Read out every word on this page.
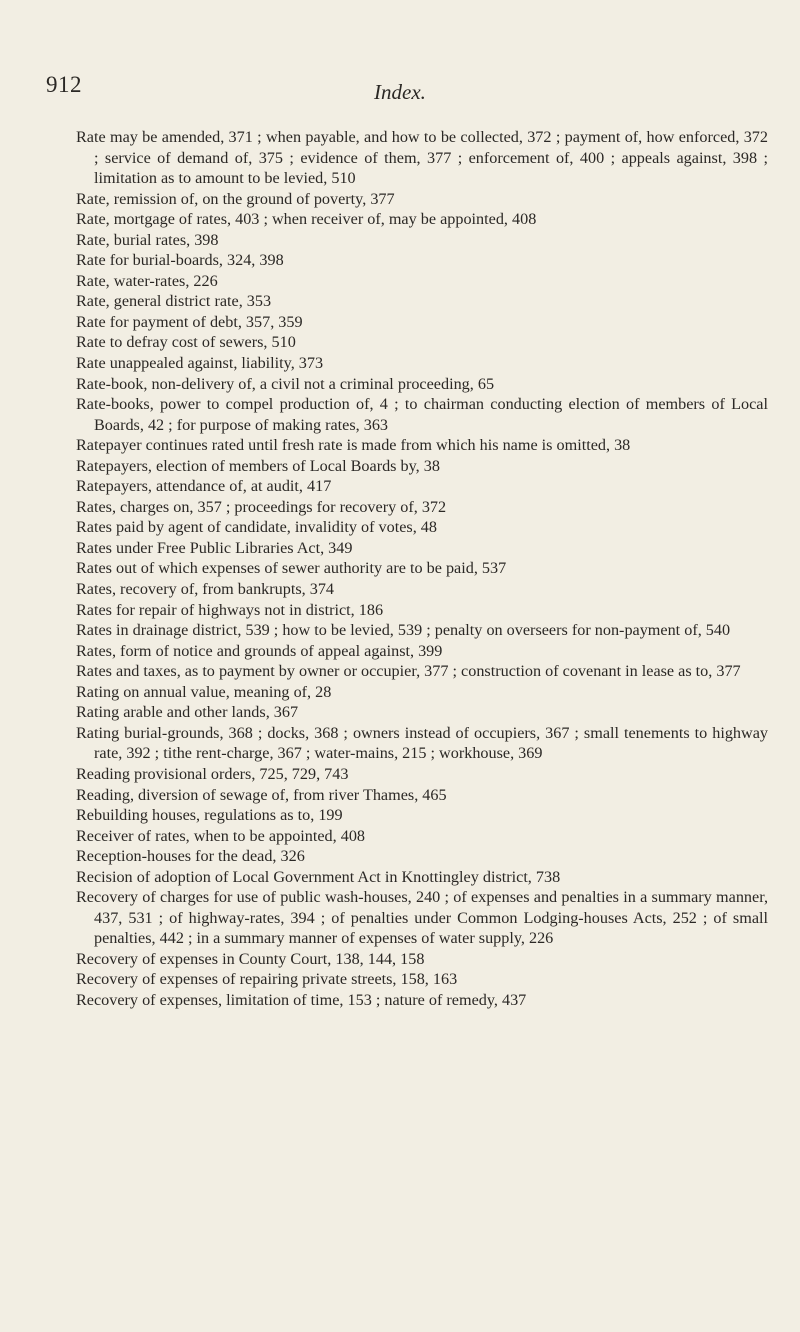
912	Index.
Rate may be amended, 371 ; when payable, and how to be collected, 372 ; payment of, how enforced, 372 ; service of demand of, 375 ; evidence of them, 377 ; enforcement of, 400 ; appeals against, 398 ; limitation as to amount to be levied, 510
Rate, remission of, on the ground of poverty, 377
Rate, mortgage of rates, 403 ; when receiver of, may be appointed, 408
Rate, burial rates, 398
Rate for burial-boards, 324, 398
Rate, water-rates, 226
Rate, general district rate, 353
Rate for payment of debt, 357, 359
Rate to defray cost of sewers, 510
Rate unappealed against, liability, 373
Rate-book, non-delivery of, a civil not a criminal proceeding, 65
Rate-books, power to compel production of, 4 ; to chairman conducting election of members of Local Boards, 42 ; for purpose of making rates, 363
Ratepayer continues rated until fresh rate is made from which his name is omitted, 38
Ratepayers, election of members of Local Boards by, 38
Ratepayers, attendance of, at audit, 417
Rates, charges on, 357 ; proceedings for recovery of, 372
Rates paid by agent of candidate, invalidity of votes, 48
Rates under Free Public Libraries Act, 349
Rates out of which expenses of sewer authority are to be paid, 537
Rates, recovery of, from bankrupts, 374
Rates for repair of highways not in district, 186
Rates in drainage district, 539 ; how to be levied, 539 ; penalty on overseers for non-payment of, 540
Rates, form of notice and grounds of appeal against, 399
Rates and taxes, as to payment by owner or occupier, 377 ; construction of covenant in lease as to, 377
Rating on annual value, meaning of, 28
Rating arable and other lands, 367
Rating burial-grounds, 368 ; docks, 368 ; owners instead of occupiers, 367 ; small tenements to highway rate, 392 ; tithe rent-charge, 367 ; water-mains, 215 ; workhouse, 369
Reading provisional orders, 725, 729, 743
Reading, diversion of sewage of, from river Thames, 465
Rebuilding houses, regulations as to, 199
Receiver of rates, when to be appointed, 408
Reception-houses for the dead, 326
Recision of adoption of Local Government Act in Knottingley district, 738
Recovery of charges for use of public wash-houses, 240 ; of expenses and penalties in a summary manner, 437, 531 ; of highway-rates, 394 ; of penalties under Common Lodging-houses Acts, 252 ; of small penalties, 442 ; in a summary manner of expenses of water supply, 226
Recovery of expenses in County Court, 138, 144, 158
Recovery of expenses of repairing private streets, 158, 163
Recovery of expenses, limitation of time, 153 ; nature of remedy, 437
